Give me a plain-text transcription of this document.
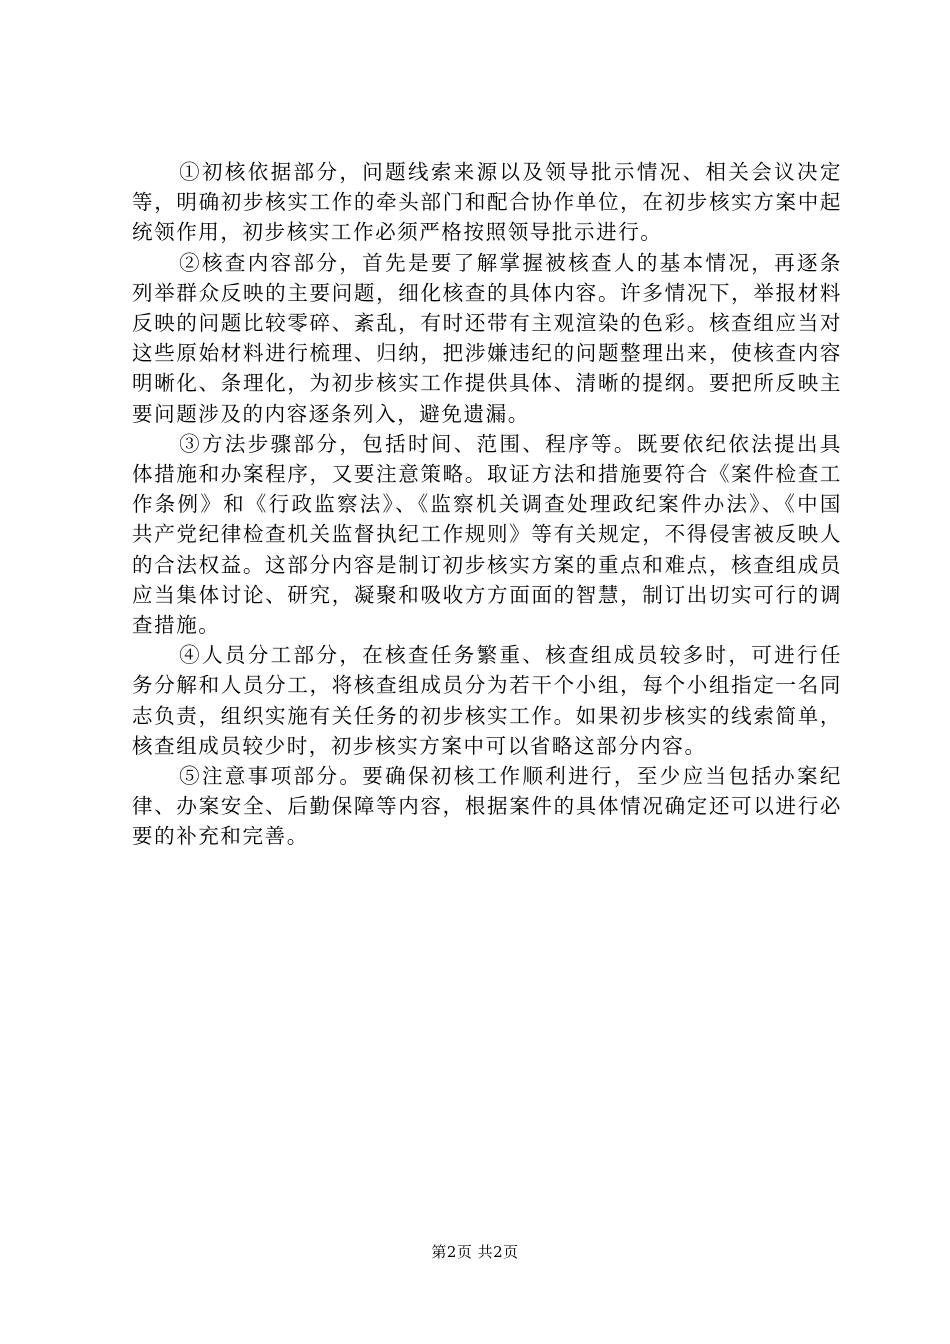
①初核依据部分，问题线索来源以及领导批示情况、相关会议决定等，明确初步核实工作的牵头部门和配合协作单位，在初步核实方案中起统领作用，初步核实工作必须严格按照领导批示进行。

②核查内容部分，首先是要了解掌握被核查人的基本情况，再逐条列举群众反映的主要问题，细化核查的具体内容。许多情况下，举报材料反映的问题比较零碎、紊乱，有时还带有主观渲染的色彩。核查组应当对这些原始材料进行梳理、归纳，把涉嫌违纪的问题整理出来，使核查内容明晰化、条理化，为初步核实工作提供具体、清晰的提纲。要把所反映主要问题涉及的内容逐条列入，避免遗漏。

③方法步骤部分，包括时间、范围、程序等。既要依纪依法提出具体措施和办案程序，又要注意策略。取证方法和措施要符合《案件检查工作条例》和《行政监察法》、《监察机关调查处理政纪案件办法》、《中国共产党纪律检查机关监督执纪工作规则》等有关规定，不得侵害被反映人的合法权益。这部分内容是制订初步核实方案的重点和难点，核查组成员应当集体讨论、研究，凝聚和吸收方方面面的智慧，制订出切实可行的调查措施。

④人员分工部分，在核查任务繁重、核查组成员较多时，可进行任务分解和人员分工，将核查组成员分为若干个小组，每个小组指定一名同志负责，组织实施有关任务的初步核实工作。如果初步核实的线索简单，核查组成员较少时，初步核实方案中可以省略这部分内容。

⑤注意事项部分。要确保初核工作顺利进行，至少应当包括办案纪律、办案安全、后勤保障等内容，根据案件的具体情况确定还可以进行必要的补充和完善。

第2页 共2页
